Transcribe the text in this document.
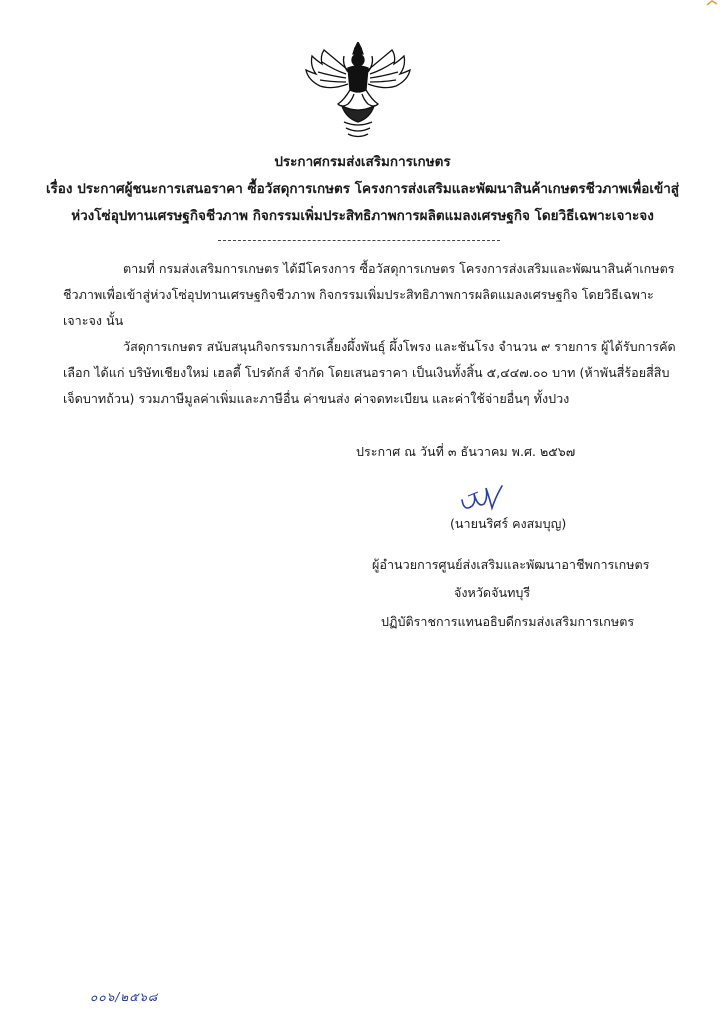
ประกาศกรมส่งเสริมการเกษตร
เรื่อง ประกาศผู้ชนะการเสนอราคา ซื้อวัสดุการเกษตร โครงการส่งเสริมและพัฒนาสินค้าเกษตรชีวภาพเพื่อเข้าสู่
ห่วงโซ่อุปทานเศรษฐกิจชีวภาพ กิจกรรมเพิ่มประสิทธิภาพการผลิตแมลงเศรษฐกิจ โดยวิธีเฉพาะเจาะจง
ตามที่ กรมส่งเสริมการเกษตร ได้มีโครงการ ซื้อวัสดุการเกษตร โครงการส่งเสริมและพัฒนาสินค้าเกษตร
ชีวภาพเพื่อเข้าสู่ห่วงโซ่อุปทานเศรษฐกิจชีวภาพ กิจกรรมเพิ่มประสิทธิภาพการผลิตแมลงเศรษฐกิจ โดยวิธีเฉพาะ
เจาะจง นั้น
วัสดุการเกษตร สนับสนุนกิจกรรมการเลี้ยงผึ้งพันธุ์ ผึ้งโพรง และชันโรง จำนวน ๙ รายการ ผู้ได้รับการคัด
เลือก ได้แก่ บริษัทเชียงใหม่ เฮลตี้ โปรดักส์ จำกัด โดยเสนอราคา เป็นเงินทั้งสิ้น ๕,๔๔๗.๐๐ บาท (ห้าพันสี่ร้อยสี่สิบ
เจ็ดบาทถ้วน) รวมภาษีมูลค่าเพิ่มและภาษีอื่น ค่าขนส่ง ค่าจดทะเบียน และค่าใช้จ่ายอื่นๆ ทั้งปวง
ประกาศ ณ วันที่ ๓ ธันวาคม พ.ศ. ๒๕๖๗
(นายนริศร์ คงสมบุญ)
ผู้อำนวยการศูนย์ส่งเสริมและพัฒนาอาชีพการเกษตร
จังหวัดจันทบุรี
ปฏิบัติราชการแทนอธิบดีกรมส่งเสริมการเกษตร
๐๐๖/๒๕๖๘
